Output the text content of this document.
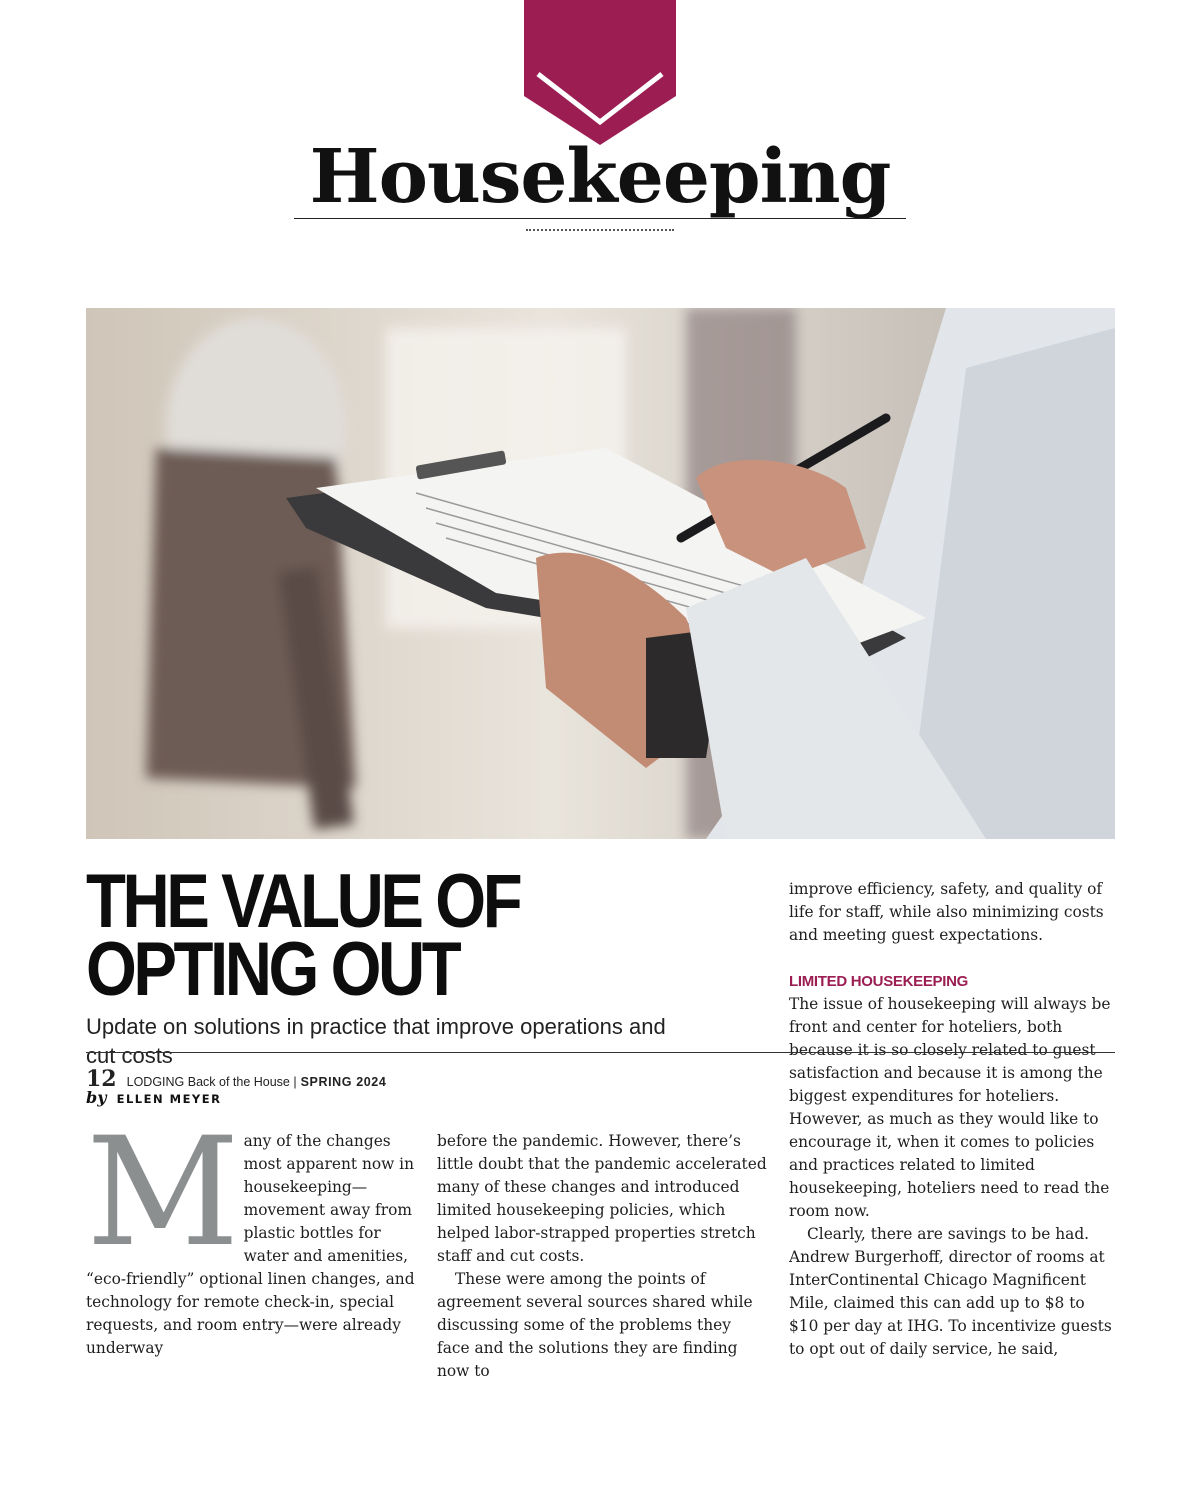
Housekeeping
THE VALUE OF
OPTING OUT

Update on solutions in practice that improve operations and cut costs

by ELLEN MEYER
M any of the changes most apparent now in housekeeping—movement away from plastic bottles for water and amenities, “eco-friendly” optional linen changes, and technology for remote check-in, special requests, and room entry—were already underway

before the pandemic. However, there’s little doubt that the pandemic accelerated many of these changes and introduced limited housekeeping policies, which helped labor-strapped properties stretch staff and cut costs.

These were among the points of agreement several sources shared while discussing some of the problems they face and the solutions they are finding now to

improve efficiency, safety, and quality of life for staff, while also minimizing costs and meeting guest expectations.

LIMITED HOUSEKEEPING

The issue of housekeeping will always be front and center for hoteliers, both because it is so closely related to guest satisfaction and because it is among the biggest expenditures for hoteliers. However, as much as they would like to encourage it, when it comes to policies and practices related to limited housekeeping, hoteliers need to read the room now.

Clearly, there are savings to be had. Andrew Burgerhoff, director of rooms at InterContinental Chicago Magnificent Mile, claimed this can add up to $8 to $10 per day at IHG. To incentivize guests to opt out of daily service, he said,

12 LODGING Back of the House | SPRING 2024
